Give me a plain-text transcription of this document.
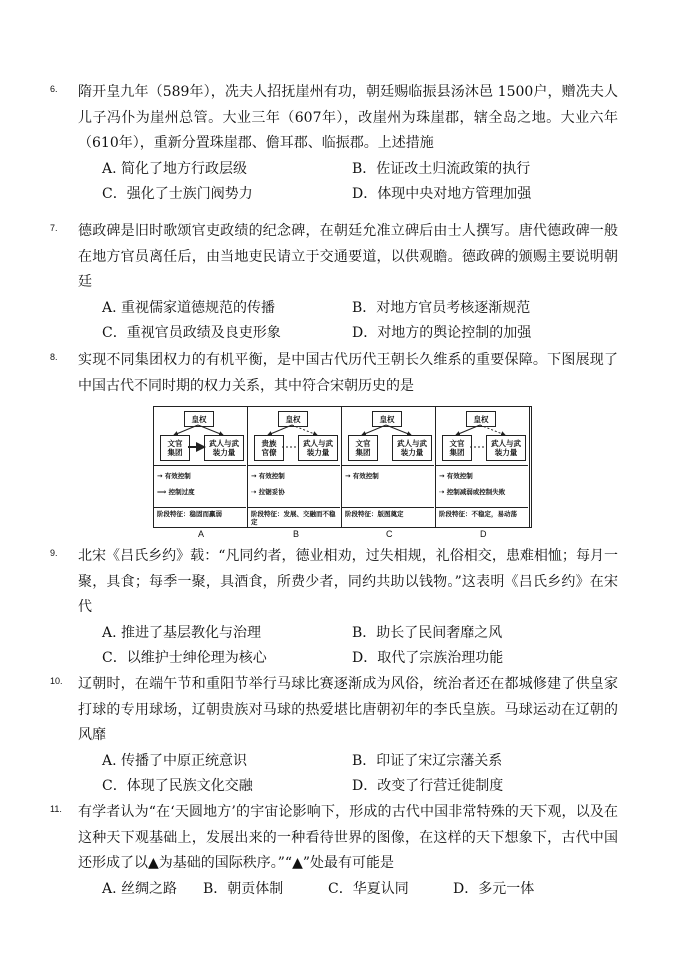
6. 隋开皇九年（589年），冼夫人招抚崖州有功，朝廷赐临振县汤沐邑 1500户，赠冼夫人儿子冯仆为崖州总管。大业三年（607年），改崖州为珠崖郡，辖全岛之地。大业六年（610年），重新分置珠崖郡、儋耳郡、临振郡。上述措施
A. 简化了地方行政层级	B．佐证改土归流政策的执行
C．强化了士族门阀势力	D．体现中央对地方管理加强
7. 德政碑是旧时歌颂官吏政绩的纪念碑，在朝廷允准立碑后由士人撰写。唐代德政碑一般在地方官员离任后，由当地吏民请立于交通要道，以供观瞻。德政碑的颁赐主要说明朝廷
A. 重视儒家道德规范的传播	B．对地方官员考核逐渐规范
C．重视官员政绩及良吏形象	D．对地方的舆论控制的加强
8. 实现不同集团权力的有机平衡，是中国古代历代王朝长久维系的重要保障。下图展现了中国古代不同时期的权力关系，其中符合宋朝历史的是
皇权
文官
集团
武人与武
装力量
→ 有效控制
⟹ 控制过度
阶段特征：稳固而羸弱
皇权
贵族
官僚
武人与武
装力量
→ 有效控制
⇢ 拉锯妥协
阶段特征：发展、交融而不稳定
皇权
文官
集团
武人与武
装力量
→ 有效控制
阶段特征：版图奠定
皇权
文官
集团
武人与武
装力量
→ 有效控制
⇢ 控制减弱或控制失败
阶段特征：不稳定，易动荡
A	B	C	D
9. 北宋《吕氏乡约》载：“凡同约者，德业相劝，过失相规，礼俗相交，患难相恤；每月一聚，具食；每季一聚，具酒食，所费少者，同约共助以钱物。”这表明《吕氏乡约》在宋代
A. 推进了基层教化与治理	B．助长了民间奢靡之风
C．以维护士绅伦理为核心	D．取代了宗族治理功能
10. 辽朝时，在端午节和重阳节举行马球比赛逐渐成为风俗，统治者还在都城修建了供皇家打球的专用球场，辽朝贵族对马球的热爱堪比唐朝初年的李氏皇族。马球运动在辽朝的风靡
A. 传播了中原正统意识	B．印证了宋辽宗藩关系
C．体现了民族文化交融	D．改变了行营迁徙制度
11. 有学者认为“在‘天圆地方’的宇宙论影响下，形成的古代中国非常特殊的天下观，以及在这种天下观基础上，发展出来的一种看待世界的图像，在这样的天下想象下，古代中国还形成了以▲为基础的国际秩序。”“▲”处最有可能是
A. 丝绸之路	B．朝贡体制	C．华夏认同	D．多元一体
